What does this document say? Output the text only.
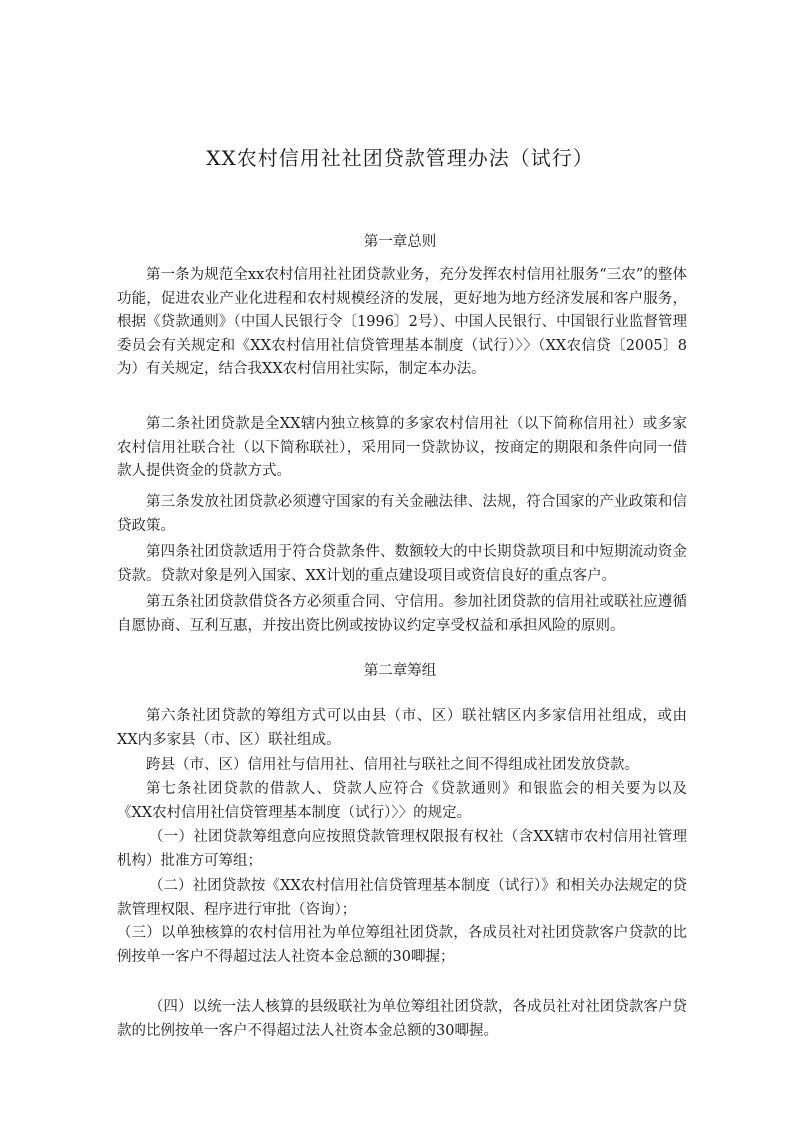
XX农村信用社社团贷款管理办法（试行）
第一章总则

第一条为规范全xx农村信用社社团贷款业务，充分发挥农村信用社服务“三农”的整体功能，促进农业产业化进程和农村规模经济的发展，更好地为地方经济发展和客户服务，根据《贷款通则》（中国人民银行令〔1996〕2号）、中国人民银行、中国银行业监督管理委员会有关规定和《XX农村信用社信贷管理基本制度（试行）〉〉（XX农信贷〔2005〕8为）有关规定，结合我XX农村信用社实际，制定本办法。

第二条社团贷款是全XX辖内独立核算的多家农村信用社（以下简称信用社）或多家农村信用社联合社（以下简称联社），采用同一贷款协议，按商定的期限和条件向同一借款人提供资金的贷款方式。

第三条发放社团贷款必须遵守国家的有关金融法律、法规，符合国家的产业政策和信贷政策。

第四条社团贷款适用于符合贷款条件、数额较大的中长期贷款项目和中短期流动资金贷款。贷款对象是列入国家、XX计划的重点建设项目或资信良好的重点客户。

第五条社团贷款借贷各方必须重合同、守信用。参加社团贷款的信用社或联社应遵循自愿协商、互利互惠，并按出资比例或按协议约定享受权益和承担风险的原则。

第二章筹组

第六条社团贷款的筹组方式可以由县（市、区）联社辖区内多家信用社组成，或由XX内多家县（市、区）联社组成。

跨县（市、区）信用社与信用社、信用社与联社之间不得组成社团发放贷款。

第七条社团贷款的借款人、贷款人应符合《贷款通则》和银监会的相关要为以及《XX农村信用社信贷管理基本制度（试行）〉〉的规定。

（一）社团贷款筹组意向应按照贷款管理权限报有权社（含XX辖市农村信用社管理机构）批准方可筹组；

（二）社团贷款按《XX农村信用社信贷管理基本制度（试行）》和相关办法规定的贷款管理权限、程序进行审批（咨询）；

（三）以单独核算的农村信用社为单位筹组社团贷款，各成员社对社团贷款客户贷款的比例按单一客户不得超过法人社资本金总额的30唧握；

（四）以统一法人核算的县级联社为单位筹组社团贷款，各成员社对社团贷款客户贷款的比例按单一客户不得超过法人社资本金总额的30唧握。
